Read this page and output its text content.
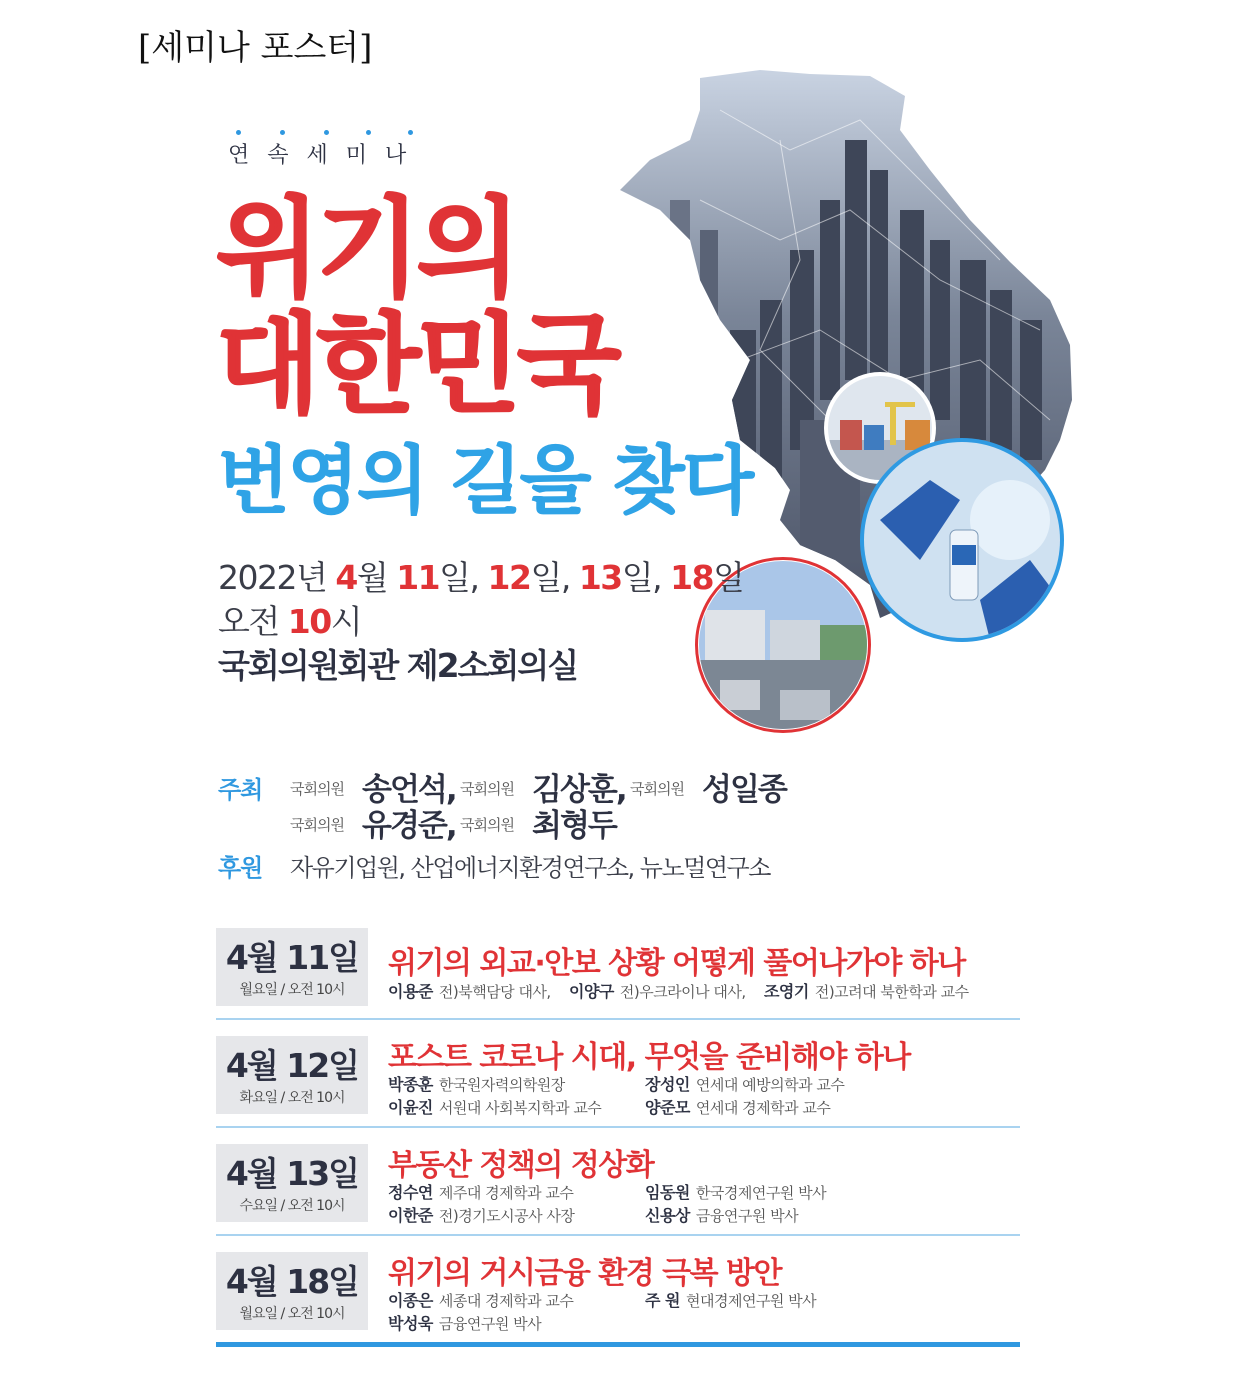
[세미나 포스터]
연속세미나
위기의
대한민국
번영의 길을 찾다
2022년 4월 11일, 12일, 13일, 18일
오전 10시
국회의원회관 제2소회의실
주최 국회의원 송언석, 국회의원 김상훈, 국회의원 성일종
국회의원 유경준, 국회의원 최형두
후원 자유기업원, 산업에너지환경연구소, 뉴노멀연구소
4월 11일
월요일 / 오전 10시
위기의 외교·안보 상황 어떻게 풀어나가야 하나
이용준 전)북핵담당 대사, 이양구 전)우크라이나 대사, 조영기 전)고려대 북한학과 교수
4월 12일
화요일 / 오전 10시
포스트 코로나 시대, 무엇을 준비해야 하나
박종훈 한국원자력의학원장	장성인 연세대 예방의학과 교수
이윤진 서원대 사회복지학과 교수	양준모 연세대 경제학과 교수
4월 13일
수요일 / 오전 10시
부동산 정책의 정상화
정수연 제주대 경제학과 교수	임동원 한국경제연구원 박사
이한준 전)경기도시공사 사장	신용상 금융연구원 박사
4월 18일
월요일 / 오전 10시
위기의 거시금융 환경 극복 방안
이종은 세종대 경제학과 교수	주 원 현대경제연구원 박사
박성욱 금융연구원 박사
